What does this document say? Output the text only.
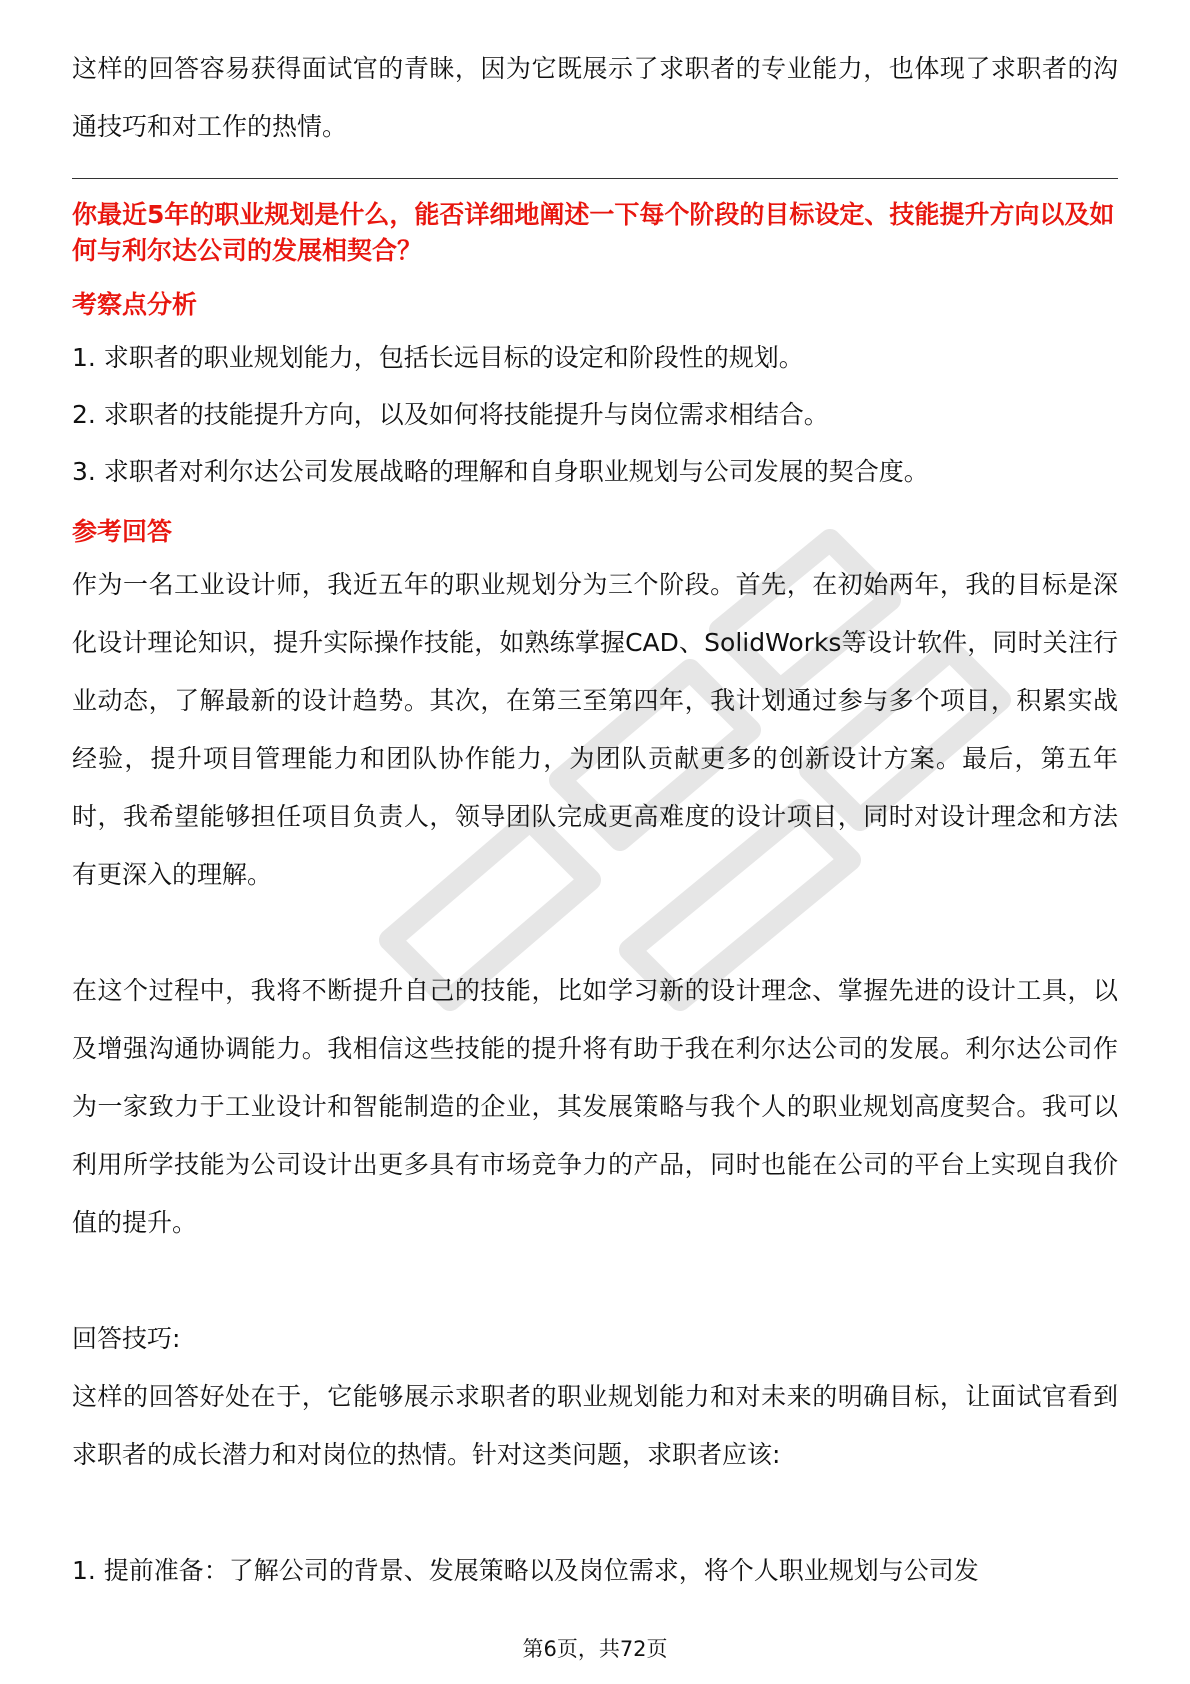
这样的回答容易获得面试官的青睐，因为它既展示了求职者的专业能力，也体现了求职者的沟通技巧和对工作的热情。

你最近5年的职业规划是什么，能否详细地阐述一下每个阶段的目标设定、技能提升方向以及如何与利尔达公司的发展相契合？

考察点分析

1. 求职者的职业规划能力，包括长远目标的设定和阶段性的规划。

2. 求职者的技能提升方向，以及如何将技能提升与岗位需求相结合。

3. 求职者对利尔达公司发展战略的理解和自身职业规划与公司发展的契合度。

参考回答

作为一名工业设计师，我近五年的职业规划分为三个阶段。首先，在初始两年，我的目标是深化设计理论知识，提升实际操作技能，如熟练掌握CAD、SolidWorks等设计软件，同时关注行业动态，了解最新的设计趋势。其次，在第三至第四年，我计划通过参与多个项目，积累实战经验，提升项目管理能力和团队协作能力，为团队贡献更多的创新设计方案。最后，第五年时，我希望能够担任项目负责人，领导团队完成更高难度的设计项目，同时对设计理念和方法有更深入的理解。

在这个过程中，我将不断提升自己的技能，比如学习新的设计理念、掌握先进的设计工具，以及增强沟通协调能力。我相信这些技能的提升将有助于我在利尔达公司的发展。利尔达公司作为一家致力于工业设计和智能制造的企业，其发展策略与我个人的职业规划高度契合。我可以利用所学技能为公司设计出更多具有市场竞争力的产品，同时也能在公司的平台上实现自我价值的提升。

回答技巧:

这样的回答好处在于，它能够展示求职者的职业规划能力和对未来的明确目标，让面试官看到求职者的成长潜力和对岗位的热情。针对这类问题，求职者应该:

1. 提前准备：了解公司的背景、发展策略以及岗位需求，将个人职业规划与公司发

第6页，共72页
